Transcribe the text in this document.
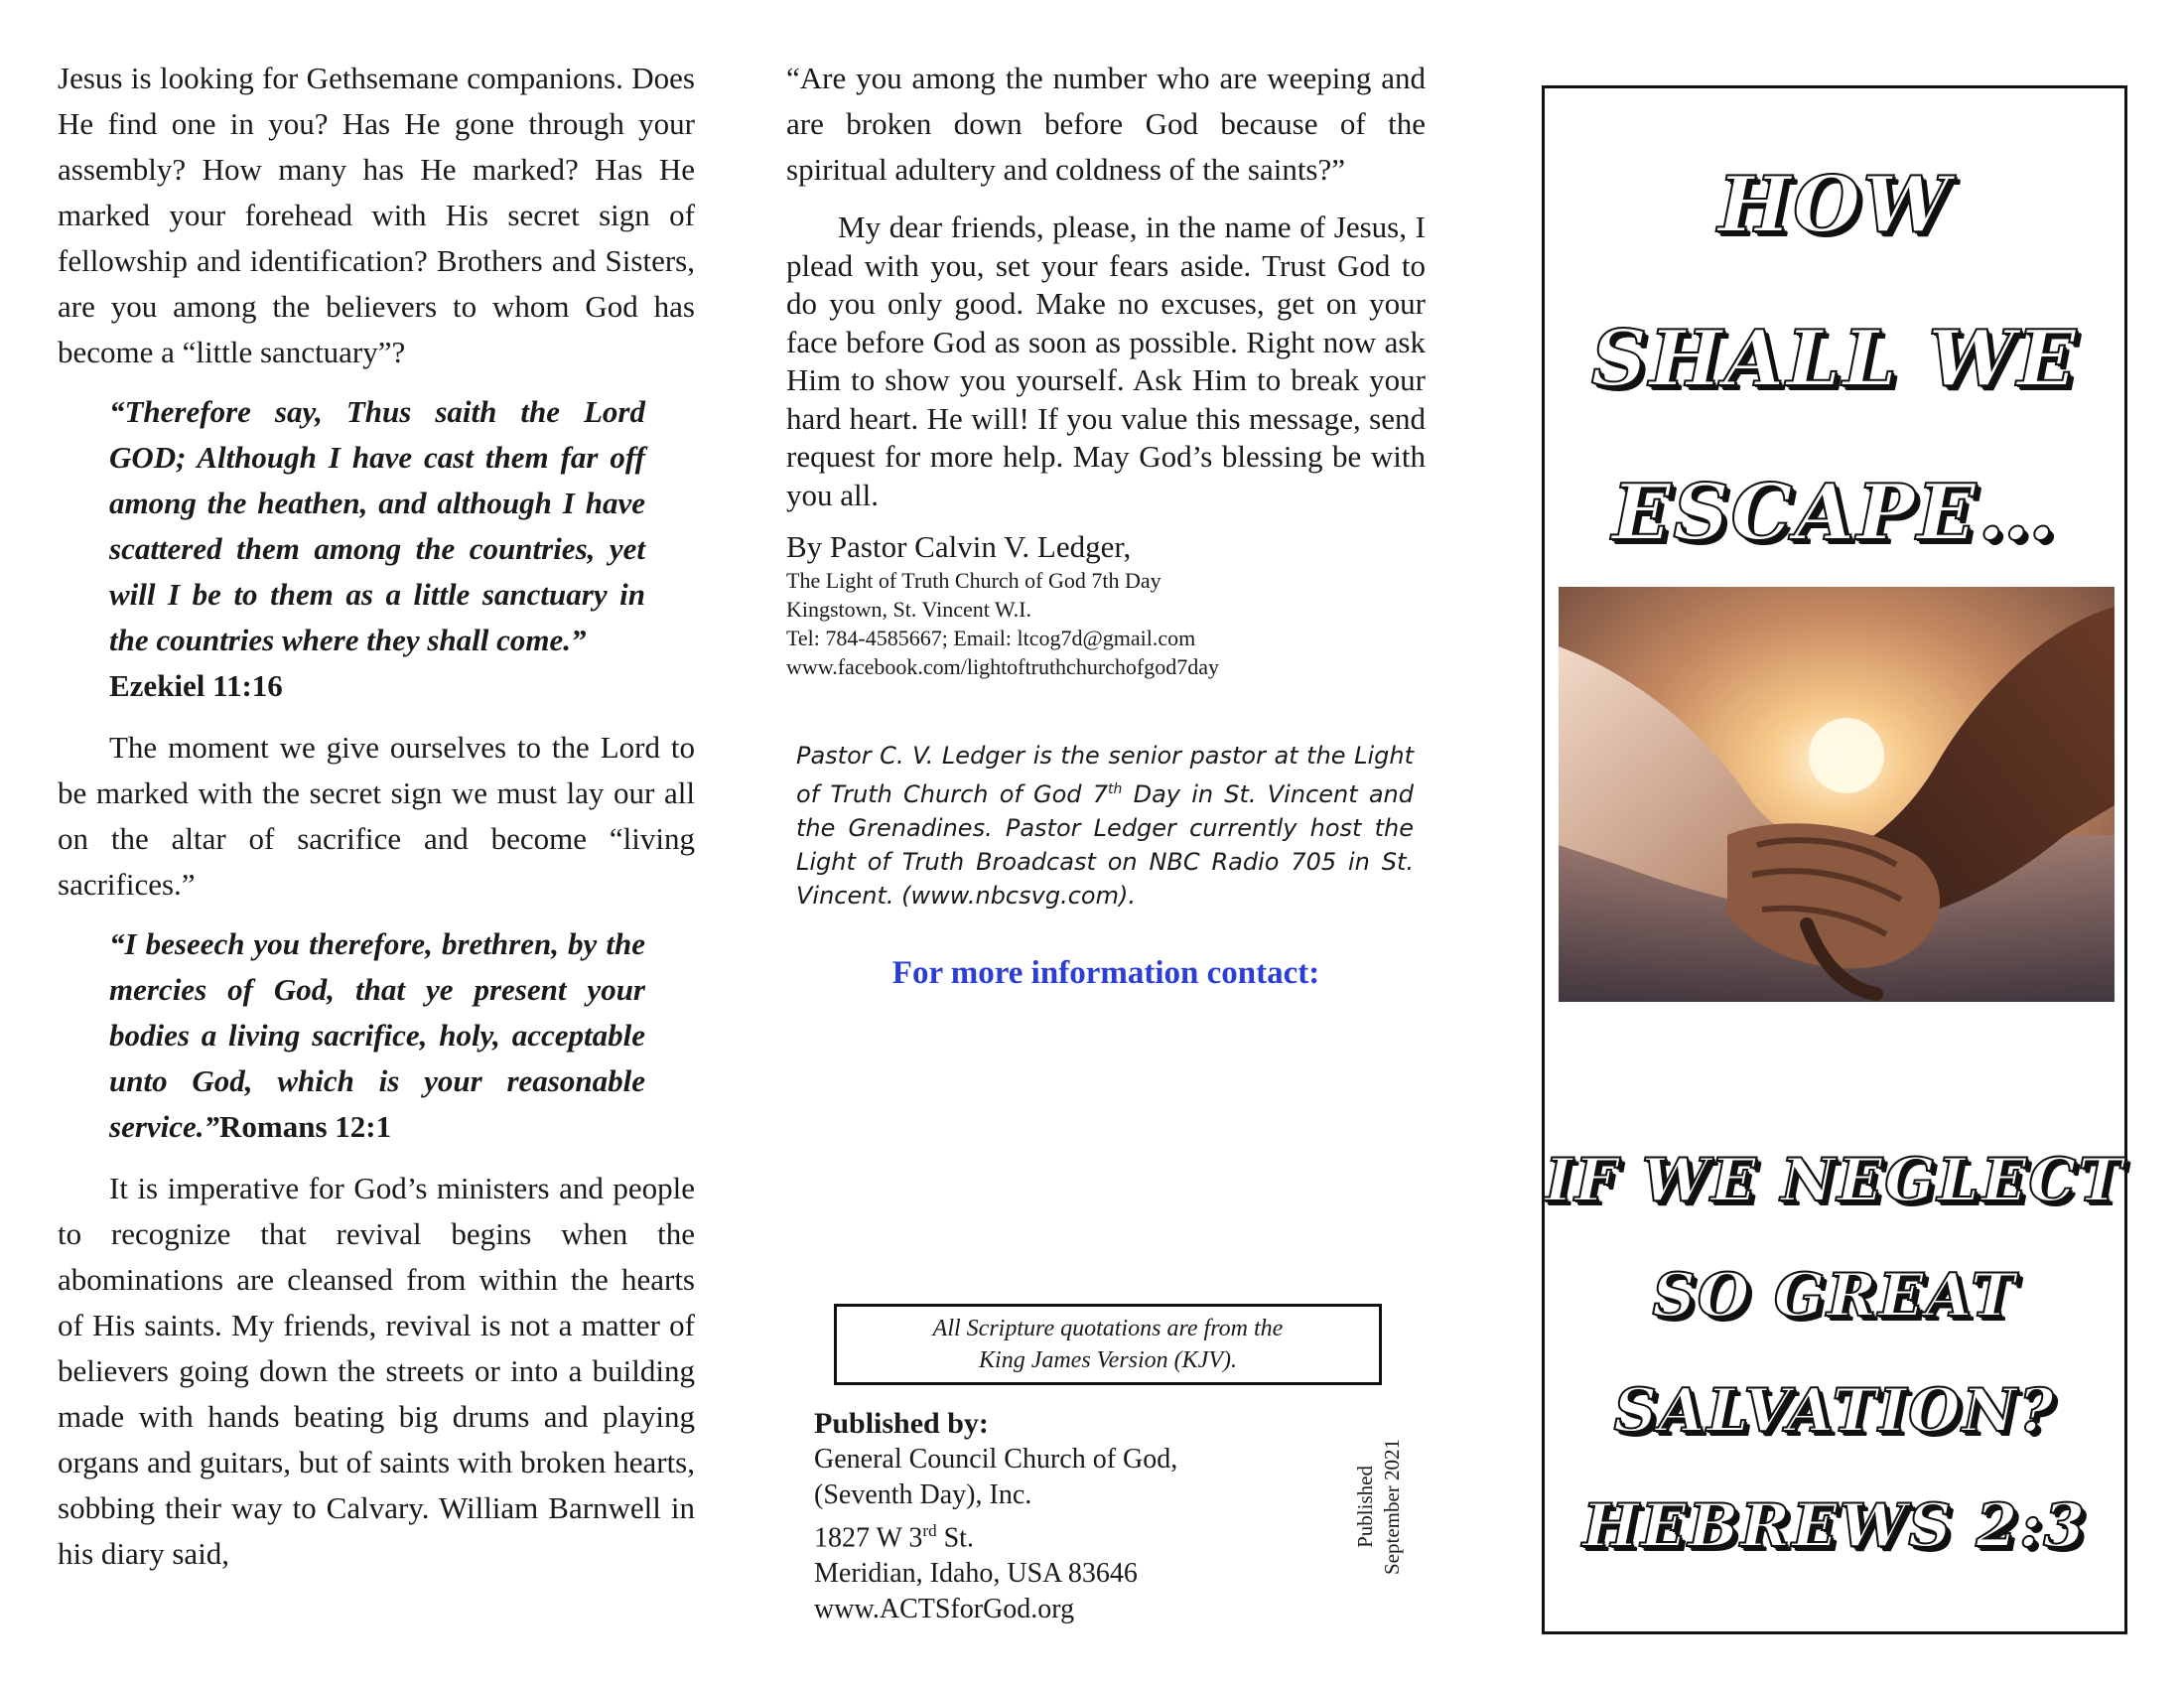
Jesus is looking for Gethsemane companions. Does He find one in you? Has He gone through your assembly? How many has He marked? Has He marked your forehead with His secret sign of fellowship and identification? Brothers and Sisters, are you among the believers to whom God has become a “little sanctuary”?

“Therefore say, Thus saith the Lord GOD; Although I have cast them far off among the heathen, and although I have scattered them among the countries, yet will I be to them as a little sanctuary in the countries where they shall come.”

Ezekiel 11:16

The moment we give ourselves to the Lord to be marked with the secret sign we must lay our all on the altar of sacrifice and become “living sacrifices.”

“I beseech you therefore, brethren, by the mercies of God, that ye present your bodies a living sacrifice, holy, acceptable unto God, which is your reasonable service.”Romans 12:1

It is imperative for God’s ministers and people to recognize that revival begins when the abominations are cleansed from within the hearts of His saints. My friends, revival is not a matter of believers going down the streets or into a building made with hands beating big drums and playing organs and guitars, but of saints with broken hearts, sobbing their way to Calvary. William Barnwell in his diary said,

“Are you among the number who are weeping and are broken down before God because of the spiritual adultery and coldness of the saints?”

My dear friends, please, in the name of Jesus, I plead with you, set your fears aside. Trust God to do you only good. Make no excuses, get on your face before God as soon as possible. Right now ask Him to show you yourself. Ask Him to break your hard heart. He will! If you value this message, send request for more help. May God’s blessing be with you all.

By Pastor Calvin V. Ledger,

The Light of Truth Church of God 7th Day

Kingstown, St. Vincent W.I.

Tel: 784-4585667; Email: ltcog7d@gmail.com

www.facebook.com/lightoftruthchurchofgod7day

Pastor C. V. Ledger is the senior pastor at the Light of Truth Church of God 7th Day in St. Vincent and the Grenadines. Pastor Ledger currently host the Light of Truth Broadcast on NBC Radio 705 in St. Vincent. (www.nbcsvg.com).

For more information contact:
All Scripture quotations are from the
King James Version (KJV).

Published by:

General Council Church of God,

(Seventh Day), Inc.

1827 W 3rd St.

Meridian, Idaho, USA 83646

www.ACTSforGod.org

Published September 2021
HOW
SHALL WE
ESCAPE…
IF WE NEGLECT
SO GREAT
SALVATION?
HEBREWS 2:3
